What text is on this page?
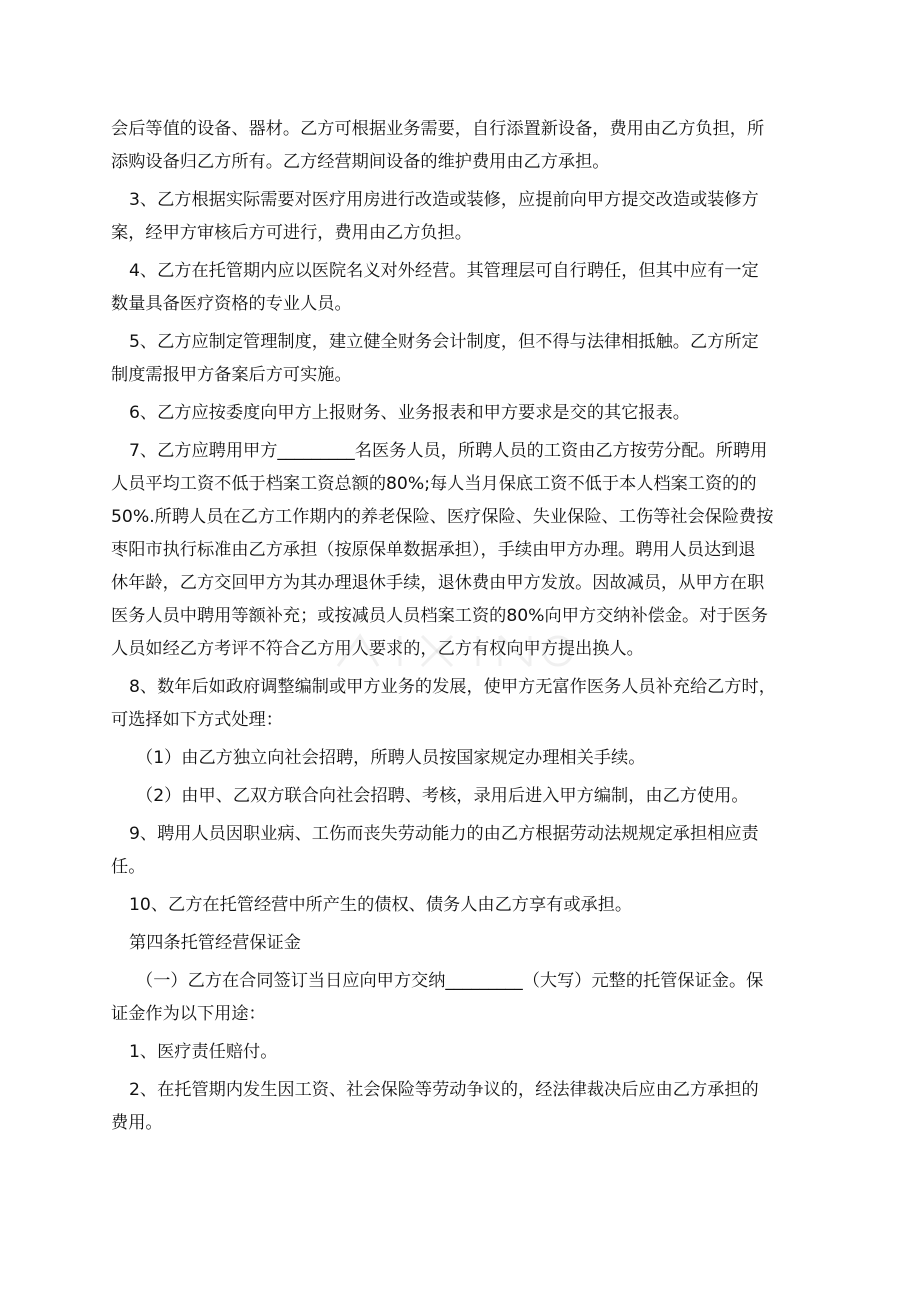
会后等值的设备、器材。乙方可根据业务需要，自行添置新设备，费用由乙方负担，所
添购设备归乙方所有。乙方经营期间设备的维护费用由乙方承担。
3、乙方根据实际需要对医疗用房进行改造或装修，应提前向甲方提交改造或装修方
案，经甲方审核后方可进行，费用由乙方负担。
4、乙方在托管期内应以医院名义对外经营。其管理层可自行聘任，但其中应有一定
数量具备医疗资格的专业人员。
5、乙方应制定管理制度，建立健全财务会计制度，但不得与法律相抵触。乙方所定
制度需报甲方备案后方可实施。
6、乙方应按委度向甲方上报财务、业务报表和甲方要求是交的其它报表。
7、乙方应聘用甲方_________名医务人员，所聘人员的工资由乙方按劳分配。所聘用
人员平均工资不低于档案工资总额的80%;每人当月保底工资不低于本人档案工资的的
50%.所聘人员在乙方工作期内的养老保险、医疗保险、失业保险、工伤等社会保险费按
枣阳市执行标准由乙方承担（按原保单数据承担），手续由甲方办理。聘用人员达到退
休年龄，乙方交回甲方为其办理退休手续，退休费由甲方发放。因故减员，从甲方在职
医务人员中聘用等额补充；或按减员人员档案工资的80%向甲方交纳补偿金。对于医务
人员如经乙方考评不符合乙方用人要求的，乙方有权向甲方提出换人。
8、数年后如政府调整编制或甲方业务的发展，使甲方无富作医务人员补充给乙方时，
可选择如下方式处理：
（1）由乙方独立向社会招聘，所聘人员按国家规定办理相关手续。
（2）由甲、乙双方联合向社会招聘、考核，录用后进入甲方编制，由乙方使用。
9、聘用人员因职业病、工伤而丧失劳动能力的由乙方根据劳动法规规定承担相应责
任。
10、乙方在托管经营中所产生的债权、债务人由乙方享有或承担。
第四条托管经营保证金
（一）乙方在合同签订当日应向甲方交纳_________（大写）元整的托管保证金。保
证金作为以下用途：
1、医疗责任赔付。
2、在托管期内发生因工资、社会保险等劳动争议的，经法律裁决后应由乙方承担的
费用。
